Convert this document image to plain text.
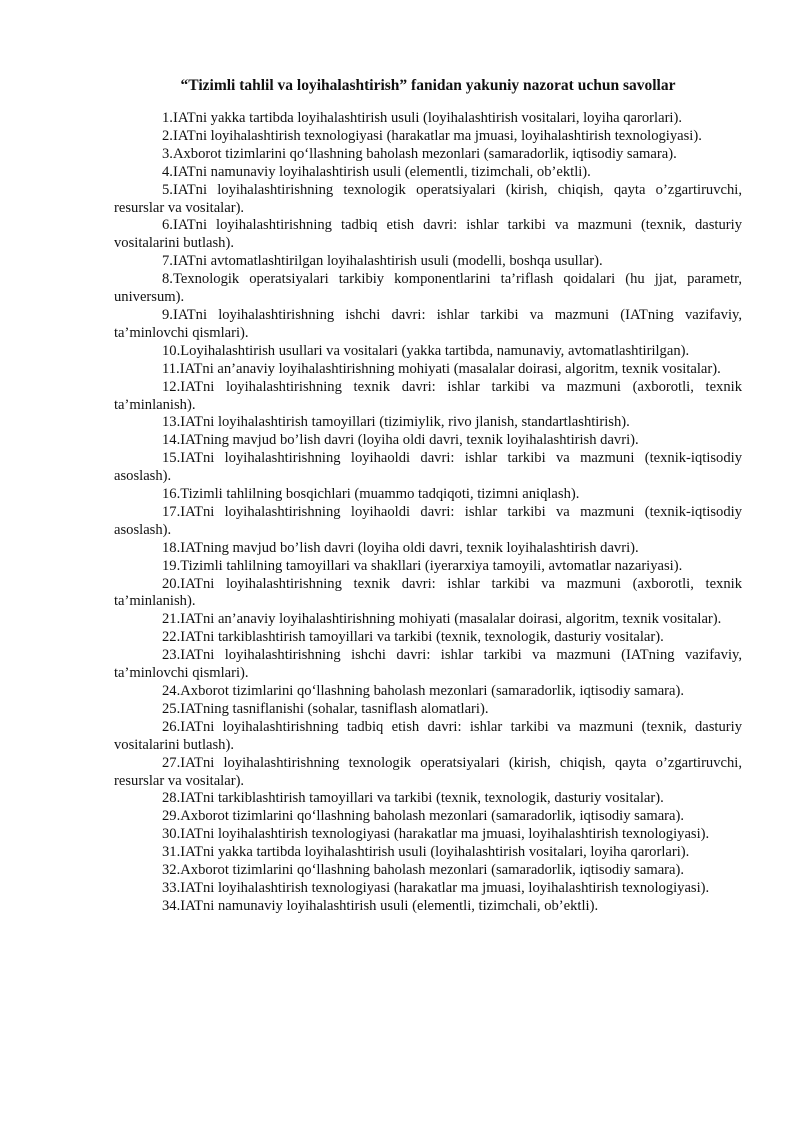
“Tizimli tahlil va loyihalashtirish” fanidan yakuniy nazorat uchun savollar

1.IATni yakka tartibda loyihalashtirish usuli (loyihalashtirish vositalari, loyiha qarorlari).

2.IATni loyihalashtirish texnologiyasi (harakatlar ma jmuasi, loyihalashtirish texnologiyasi).

3.Axborot tizimlarini qo‘llashning baholash mezonlari (samaradorlik, iqtisodiy samara).

4.IATni namunaviy loyihalashtirish usuli (elementli, tizimchali, ob’ektli).

5.IATni loyihalashtirishning texnologik operatsiyalari (kirish, chiqish, qayta o’zgartiruvchi, resurslar va vositalar).

6.IATni loyihalashtirishning tadbiq etish davri: ishlar tarkibi va mazmuni (texnik, dasturiy vositalarini butlash).

7.IATni avtomatlashtirilgan loyihalashtirish usuli (modelli, boshqa usullar).

8.Texnologik operatsiyalari tarkibiy komponentlarini ta’riflash qoidalari (hu jjat, parametr, universum).

9.IATni loyihalashtirishning ishchi davri: ishlar tarkibi va mazmuni (IATning vazifaviy, ta’minlovchi qismlari).

10.Loyihalashtirish usullari va vositalari (yakka tartibda, namunaviy, avtomatlashtirilgan).

11.IATni an’anaviy loyihalashtirishning mohiyati (masalalar doirasi, algoritm, texnik vositalar).

12.IATni loyihalashtirishning texnik davri: ishlar tarkibi va mazmuni (axborotli, texnik ta’minlanish).

13.IATni loyihalashtirish tamoyillari (tizimiylik, rivo jlanish, standartlashtirish).

14.IATning mavjud bo’lish davri (loyiha oldi davri, texnik loyihalashtirish davri).

15.IATni loyihalashtirishning loyihaoldi davri: ishlar tarkibi va mazmuni (texnik-iqtisodiy asoslash).

16.Tizimli tahlilning bosqichlari (muammo tadqiqoti, tizimni aniqlash).

17.IATni loyihalashtirishning loyihaoldi davri: ishlar tarkibi va mazmuni (texnik-iqtisodiy asoslash).

18.IATning mavjud bo’lish davri (loyiha oldi davri, texnik loyihalashtirish davri).

19.Tizimli tahlilning tamoyillari va shakllari (iyerarxiya tamoyili, avtomatlar nazariyasi).

20.IATni loyihalashtirishning texnik davri: ishlar tarkibi va mazmuni (axborotli, texnik ta’minlanish).

21.IATni an’anaviy loyihalashtirishning mohiyati (masalalar doirasi, algoritm, texnik vositalar).

22.IATni tarkiblashtirish tamoyillari va tarkibi (texnik, texnologik, dasturiy vositalar).

23.IATni loyihalashtirishning ishchi davri: ishlar tarkibi va mazmuni (IATning vazifaviy, ta’minlovchi qismlari).

24.Axborot tizimlarini qo‘llashning baholash mezonlari (samaradorlik, iqtisodiy samara).

25.IATning tasniflanishi (sohalar, tasniflash alomatlari).

26.IATni loyihalashtirishning tadbiq etish davri: ishlar tarkibi va mazmuni (texnik, dasturiy vositalarini butlash).

27.IATni loyihalashtirishning texnologik operatsiyalari (kirish, chiqish, qayta o’zgartiruvchi, resurslar va vositalar).

28.IATni tarkiblashtirish tamoyillari va tarkibi (texnik, texnologik, dasturiy vositalar).

29.Axborot tizimlarini qo‘llashning baholash mezonlari (samaradorlik, iqtisodiy samara).

30.IATni loyihalashtirish texnologiyasi (harakatlar ma jmuasi, loyihalashtirish texnologiyasi).

31.IATni yakka tartibda loyihalashtirish usuli (loyihalashtirish vositalari, loyiha qarorlari).

32.Axborot tizimlarini qo‘llashning baholash mezonlari (samaradorlik, iqtisodiy samara).

33.IATni loyihalashtirish texnologiyasi (harakatlar ma jmuasi, loyihalashtirish texnologiyasi).

34.IATni namunaviy loyihalashtirish usuli (elementli, tizimchali, ob’ektli).
